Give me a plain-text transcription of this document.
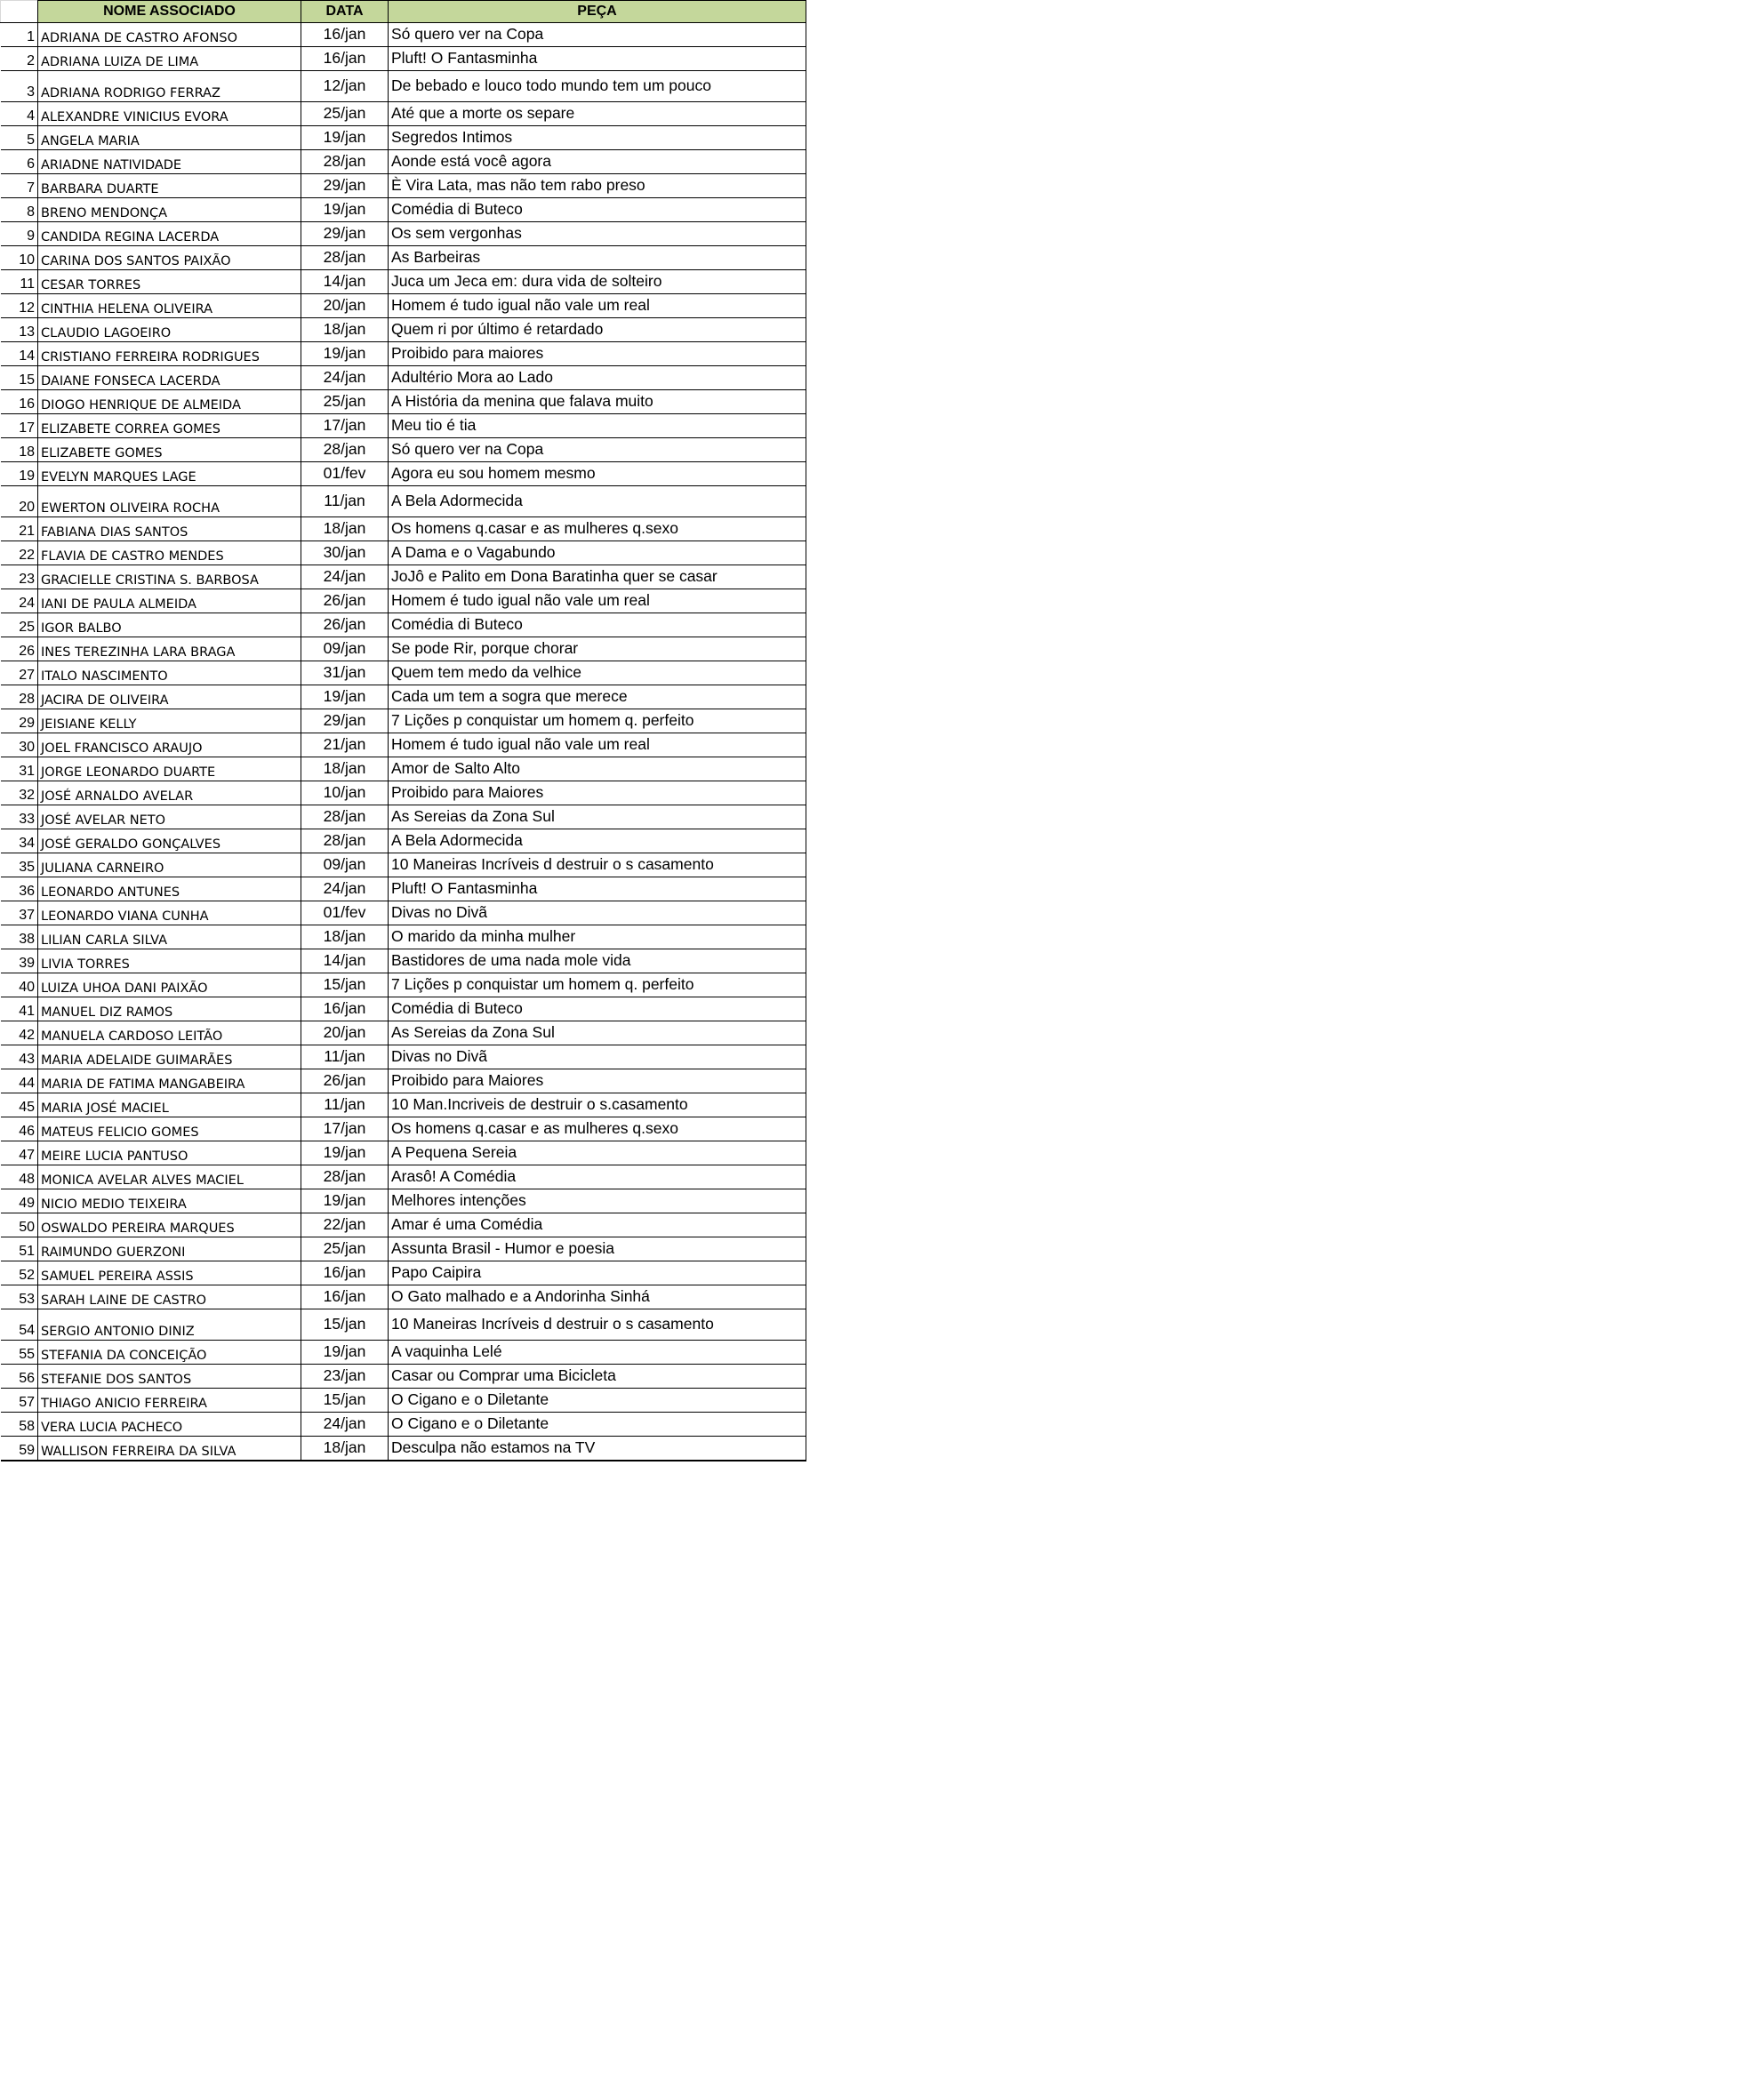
	NOME ASSOCIADO	DATA	PEÇA
1	ADRIANA DE CASTRO AFONSO	16/jan	Só quero ver na Copa
2	ADRIANA LUIZA DE LIMA	16/jan	Pluft! O Fantasminha
3	ADRIANA RODRIGO FERRAZ	12/jan	De bebado e louco todo mundo tem um pouco
4	ALEXANDRE VINICIUS EVORA	25/jan	Até que a morte os separe
5	ANGELA MARIA	19/jan	Segredos Intimos
6	ARIADNE NATIVIDADE	28/jan	Aonde está você agora
7	BARBARA DUARTE	29/jan	È Vira Lata, mas não tem rabo preso
8	BRENO MENDONÇA	19/jan	Comédia di Buteco
9	CANDIDA REGINA LACERDA	29/jan	Os sem vergonhas
10	CARINA DOS SANTOS PAIXÃO	28/jan	As Barbeiras
11	CESAR TORRES	14/jan	Juca um Jeca em: dura vida de solteiro
12	CINTHIA HELENA OLIVEIRA	20/jan	Homem é tudo igual não vale um real
13	CLAUDIO LAGOEIRO	18/jan	Quem ri por último é retardado
14	CRISTIANO FERREIRA RODRIGUES	19/jan	Proibido para maiores
15	DAIANE FONSECA LACERDA	24/jan	Adultério Mora ao Lado
16	DIOGO HENRIQUE DE ALMEIDA	25/jan	A História da menina que falava muito
17	ELIZABETE CORREA GOMES	17/jan	Meu tio é tia
18	ELIZABETE GOMES	28/jan	Só quero ver na Copa
19	EVELYN MARQUES LAGE	01/fev	Agora eu sou homem mesmo
20	EWERTON OLIVEIRA ROCHA	11/jan	A Bela Adormecida
21	FABIANA DIAS SANTOS	18/jan	Os homens q.casar e as mulheres q.sexo
22	FLAVIA DE CASTRO MENDES	30/jan	A Dama e o Vagabundo
23	GRACIELLE CRISTINA S. BARBOSA	24/jan	JoJô e Palito em Dona Baratinha quer se casar
24	IANI DE PAULA ALMEIDA	26/jan	Homem é tudo igual não vale um real
25	IGOR BALBO	26/jan	Comédia di Buteco
26	INES TEREZINHA LARA BRAGA	09/jan	Se pode Rir, porque chorar
27	ITALO NASCIMENTO	31/jan	Quem tem medo da velhice
28	JACIRA DE OLIVEIRA	19/jan	Cada um tem a sogra que merece
29	JEISIANE KELLY	29/jan	7 Lições p conquistar um homem q. perfeito
30	JOEL FRANCISCO ARAUJO	21/jan	Homem é tudo igual não vale um real
31	JORGE LEONARDO DUARTE	18/jan	Amor de Salto Alto
32	JOSÉ ARNALDO AVELAR	10/jan	Proibido para Maiores
33	JOSÉ AVELAR NETO	28/jan	As Sereias da Zona Sul
34	JOSÉ GERALDO GONÇALVES	28/jan	A Bela Adormecida
35	JULIANA CARNEIRO	09/jan	10 Maneiras Incríveis d destruir o s casamento
36	LEONARDO ANTUNES	24/jan	Pluft! O Fantasminha
37	LEONARDO VIANA CUNHA	01/fev	Divas no Divã
38	LILIAN CARLA SILVA	18/jan	O marido da minha mulher
39	LIVIA TORRES	14/jan	Bastidores de uma nada mole vida
40	LUIZA UHOA DANI PAIXÃO	15/jan	7 Lições p conquistar um homem q. perfeito
41	MANUEL DIZ RAMOS	16/jan	Comédia di Buteco
42	MANUELA CARDOSO LEITÃO	20/jan	As Sereias da Zona Sul
43	MARIA ADELAIDE GUIMARÃES	11/jan	Divas no Divã
44	MARIA DE FATIMA MANGABEIRA	26/jan	Proibido para Maiores
45	MARIA JOSÉ MACIEL	11/jan	10 Man.Incriveis de destruir o s.casamento
46	MATEUS FELICIO GOMES	17/jan	Os homens q.casar e as mulheres q.sexo
47	MEIRE LUCIA PANTUSO	19/jan	A Pequena Sereia
48	MONICA AVELAR ALVES MACIEL	28/jan	Arasô! A Comédia
49	NICIO MEDIO TEIXEIRA	19/jan	Melhores intenções
50	OSWALDO PEREIRA MARQUES	22/jan	Amar é uma Comédia
51	RAIMUNDO GUERZONI	25/jan	Assunta Brasil - Humor e poesia
52	SAMUEL PEREIRA ASSIS	16/jan	Papo Caipira
53	SARAH LAINE DE CASTRO	16/jan	O Gato malhado e a Andorinha Sinhá
54	SERGIO ANTONIO DINIZ	15/jan	10 Maneiras Incríveis d destruir o s casamento
55	STEFANIA DA CONCEIÇÃO	19/jan	A vaquinha Lelé
56	STEFANIE DOS SANTOS	23/jan	Casar ou Comprar uma Bicicleta
57	THIAGO ANICIO FERREIRA	15/jan	O Cigano e o Diletante
58	VERA LUCIA PACHECO	24/jan	O Cigano e o Diletante
59	WALLISON FERREIRA DA SILVA	18/jan	Desculpa não estamos na TV
